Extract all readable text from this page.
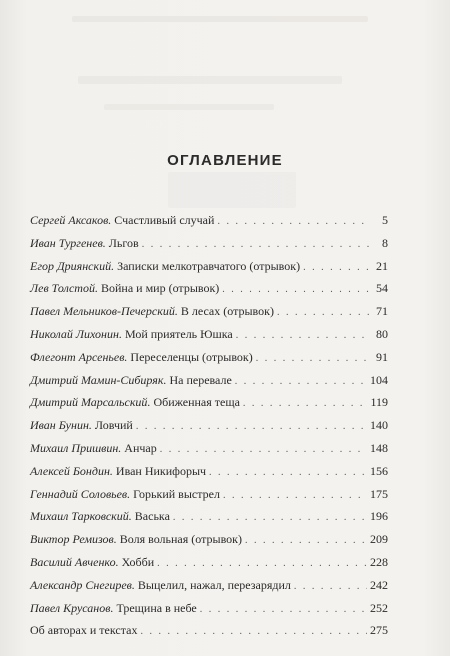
ОГЛАВЛЕНИЕ
Сергей Аксаков. Счастливый случай . . .	5
Иван Тургенев. Льгов . . .	8
Егор Дриянский. Записки мелкотравчатого (отрывок) . . .	21
Лев Толстой. Война и мир (отрывок) . . .	54
Павел Мельников-Печерский. В лесах (отрывок) . . .	71
Николай Лихонин. Мой приятель Юшка . . .	80
Флегонт Арсеньев. Переселенцы (отрывок) . . .	91
Дмитрий Мамин-Сибиряк. На перевале . . .	104
Дмитрий Марсальский. Обиженная теща . . .	119
Иван Бунин. Ловчий . . .	140
Михаил Пришвин. Анчар . . .	148
Алексей Бондин. Иван Никифорыч . . .	156
Геннадий Соловьев. Горький выстрел . . .	175
Михаил Тарковский. Васька . . .	196
Виктор Ремизов. Воля вольная (отрывок) . . .	209
Василий Авченко. Хобби . . .	228
Александр Снегирев. Выцелил, нажал, перезарядил . . .	242
Павел Крусанов. Трещина в небе . . .	252
Об авторах и текстах . . .	275
